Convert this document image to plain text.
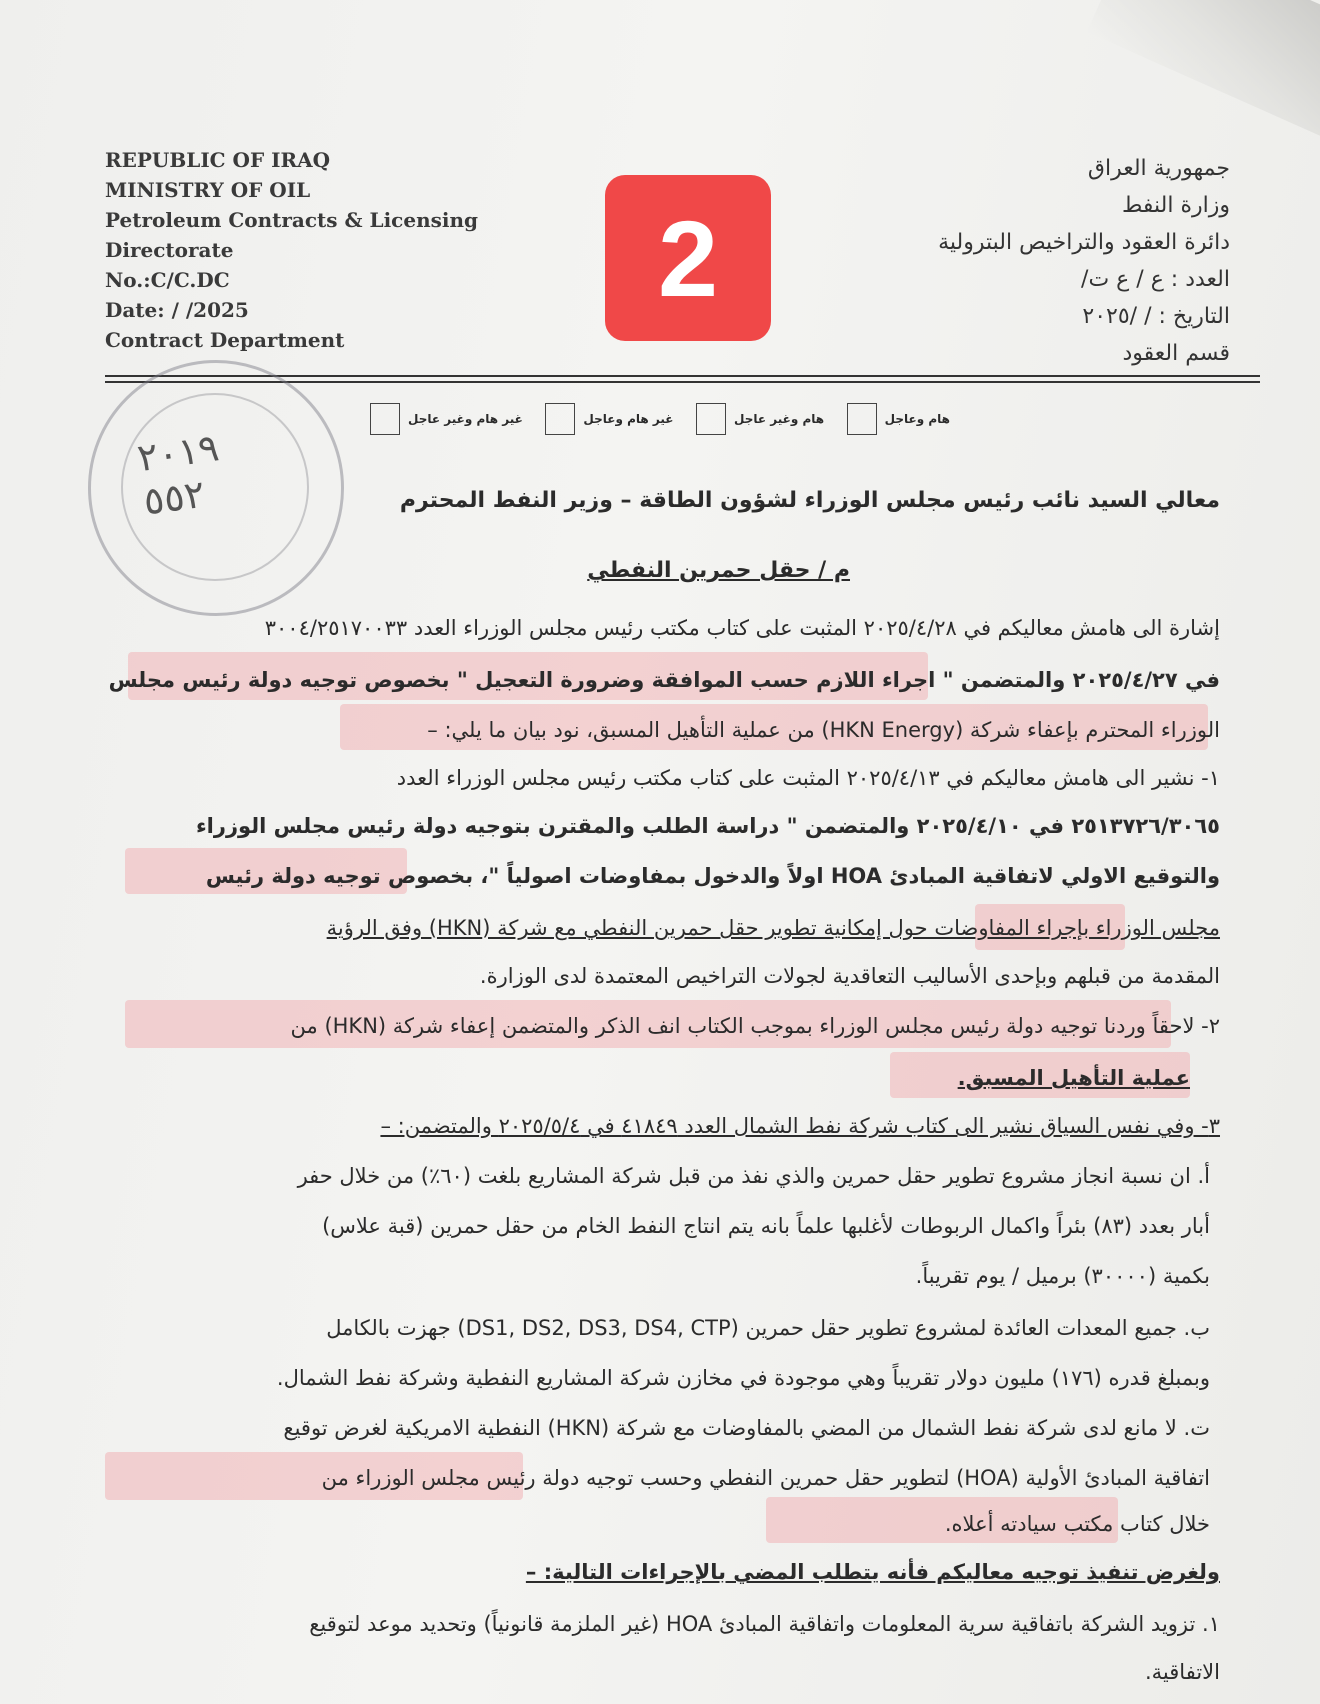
REPUBLIC OF IRAQ
MINISTRY OF OIL
Petroleum Contracts & Licensing
Directorate
No.:C/C.DC
Date: / /2025
Contract Department
جمهورية العراق
وزارة النفط
دائرة العقود والتراخيص البترولية
العدد : ع / ع ت/
التاريخ : / /٢٠٢٥
قسم العقود
2
٢٠١٩
٥٥٢
هام وعاجل
هام وغير عاجل
غير هام وعاجل
غير هام وغير عاجل
معالي السيد نائب رئيس مجلس الوزراء لشؤون الطاقة – وزير النفط المحترم
م / حقل حمرين النفطي
إشارة الى هامش معاليكم في ٢٠٢٥/٤/٢٨ المثبت على كتاب مكتب رئيس مجلس الوزراء العدد ٣٠٠٤/٢٥١٧٠٠٣٣
في ٢٠٢٥/٤/٢٧ والمتضمن " اجراء اللازم حسب الموافقة وضرورة التعجيل " بخصوص توجيه دولة رئيس مجلس
الوزراء المحترم بإعفاء شركة (HKN Energy) من عملية التأهيل المسبق، نود بيان ما يلي: –
١- نشير الى هامش معاليكم في ٢٠٢٥/٤/١٣ المثبت على كتاب مكتب رئيس مجلس الوزراء العدد
٢٥١٣٧٢٦/٣٠٦٥ في ٢٠٢٥/٤/١٠ والمتضمن " دراسة الطلب والمقترن بتوجيه دولة رئيس مجلس الوزراء
والتوقيع الاولي لاتفاقية المبادئ HOA اولاً والدخول بمفاوضات اصولياً "، بخصوص توجيه دولة رئيس
مجلس الوزراء بإجراء المفاوضات حول إمكانية تطوير حقل حمرين النفطي مع شركة (HKN) وفق الرؤية
المقدمة من قبلهم وبإحدى الأساليب التعاقدية لجولات التراخيص المعتمدة لدى الوزارة.
٢- لاحقاً وردنا توجيه دولة رئيس مجلس الوزراء بموجب الكتاب انف الذكر والمتضمن إعفاء شركة (HKN) من
عملية التأهيل المسبق.
٣- وفي نفس السياق نشير الى كتاب شركة نفط الشمال العدد ٤١٨٤٩ في ٢٠٢٥/٥/٤ والمتضمن: –
أ. ان نسبة انجاز مشروع تطوير حقل حمرين والذي نفذ من قبل شركة المشاريع بلغت (٦٠٪) من خلال حفر
أبار بعدد (٨٣) بئراً واكمال الربوطات لأغلبها علماً بانه يتم انتاج النفط الخام من حقل حمرين (قبة علاس)
بكمية (٣٠٠٠٠) برميل / يوم تقريباً.
ب. جميع المعدات العائدة لمشروع تطوير حقل حمرين (DS1, DS2, DS3, DS4, CTP) جهزت بالكامل
وبمبلغ قدره (١٧٦) مليون دولار تقريباً وهي موجودة في مخازن شركة المشاريع النفطية وشركة نفط الشمال.
ت. لا مانع لدى شركة نفط الشمال من المضي بالمفاوضات مع شركة (HKN) النفطية الامريكية لغرض توقيع
اتفاقية المبادئ الأولية (HOA) لتطوير حقل حمرين النفطي وحسب توجيه دولة رئيس مجلس الوزراء من
خلال كتاب مكتب سيادته أعلاه.
ولغرض تنفيذ توجيه معاليكم فأنه يتطلب المضي بالإجراءات التالية: –
١. تزويد الشركة باتفاقية سرية المعلومات واتفاقية المبادئ HOA (غير الملزمة قانونياً) وتحديد موعد لتوقيع
الاتفاقية.
